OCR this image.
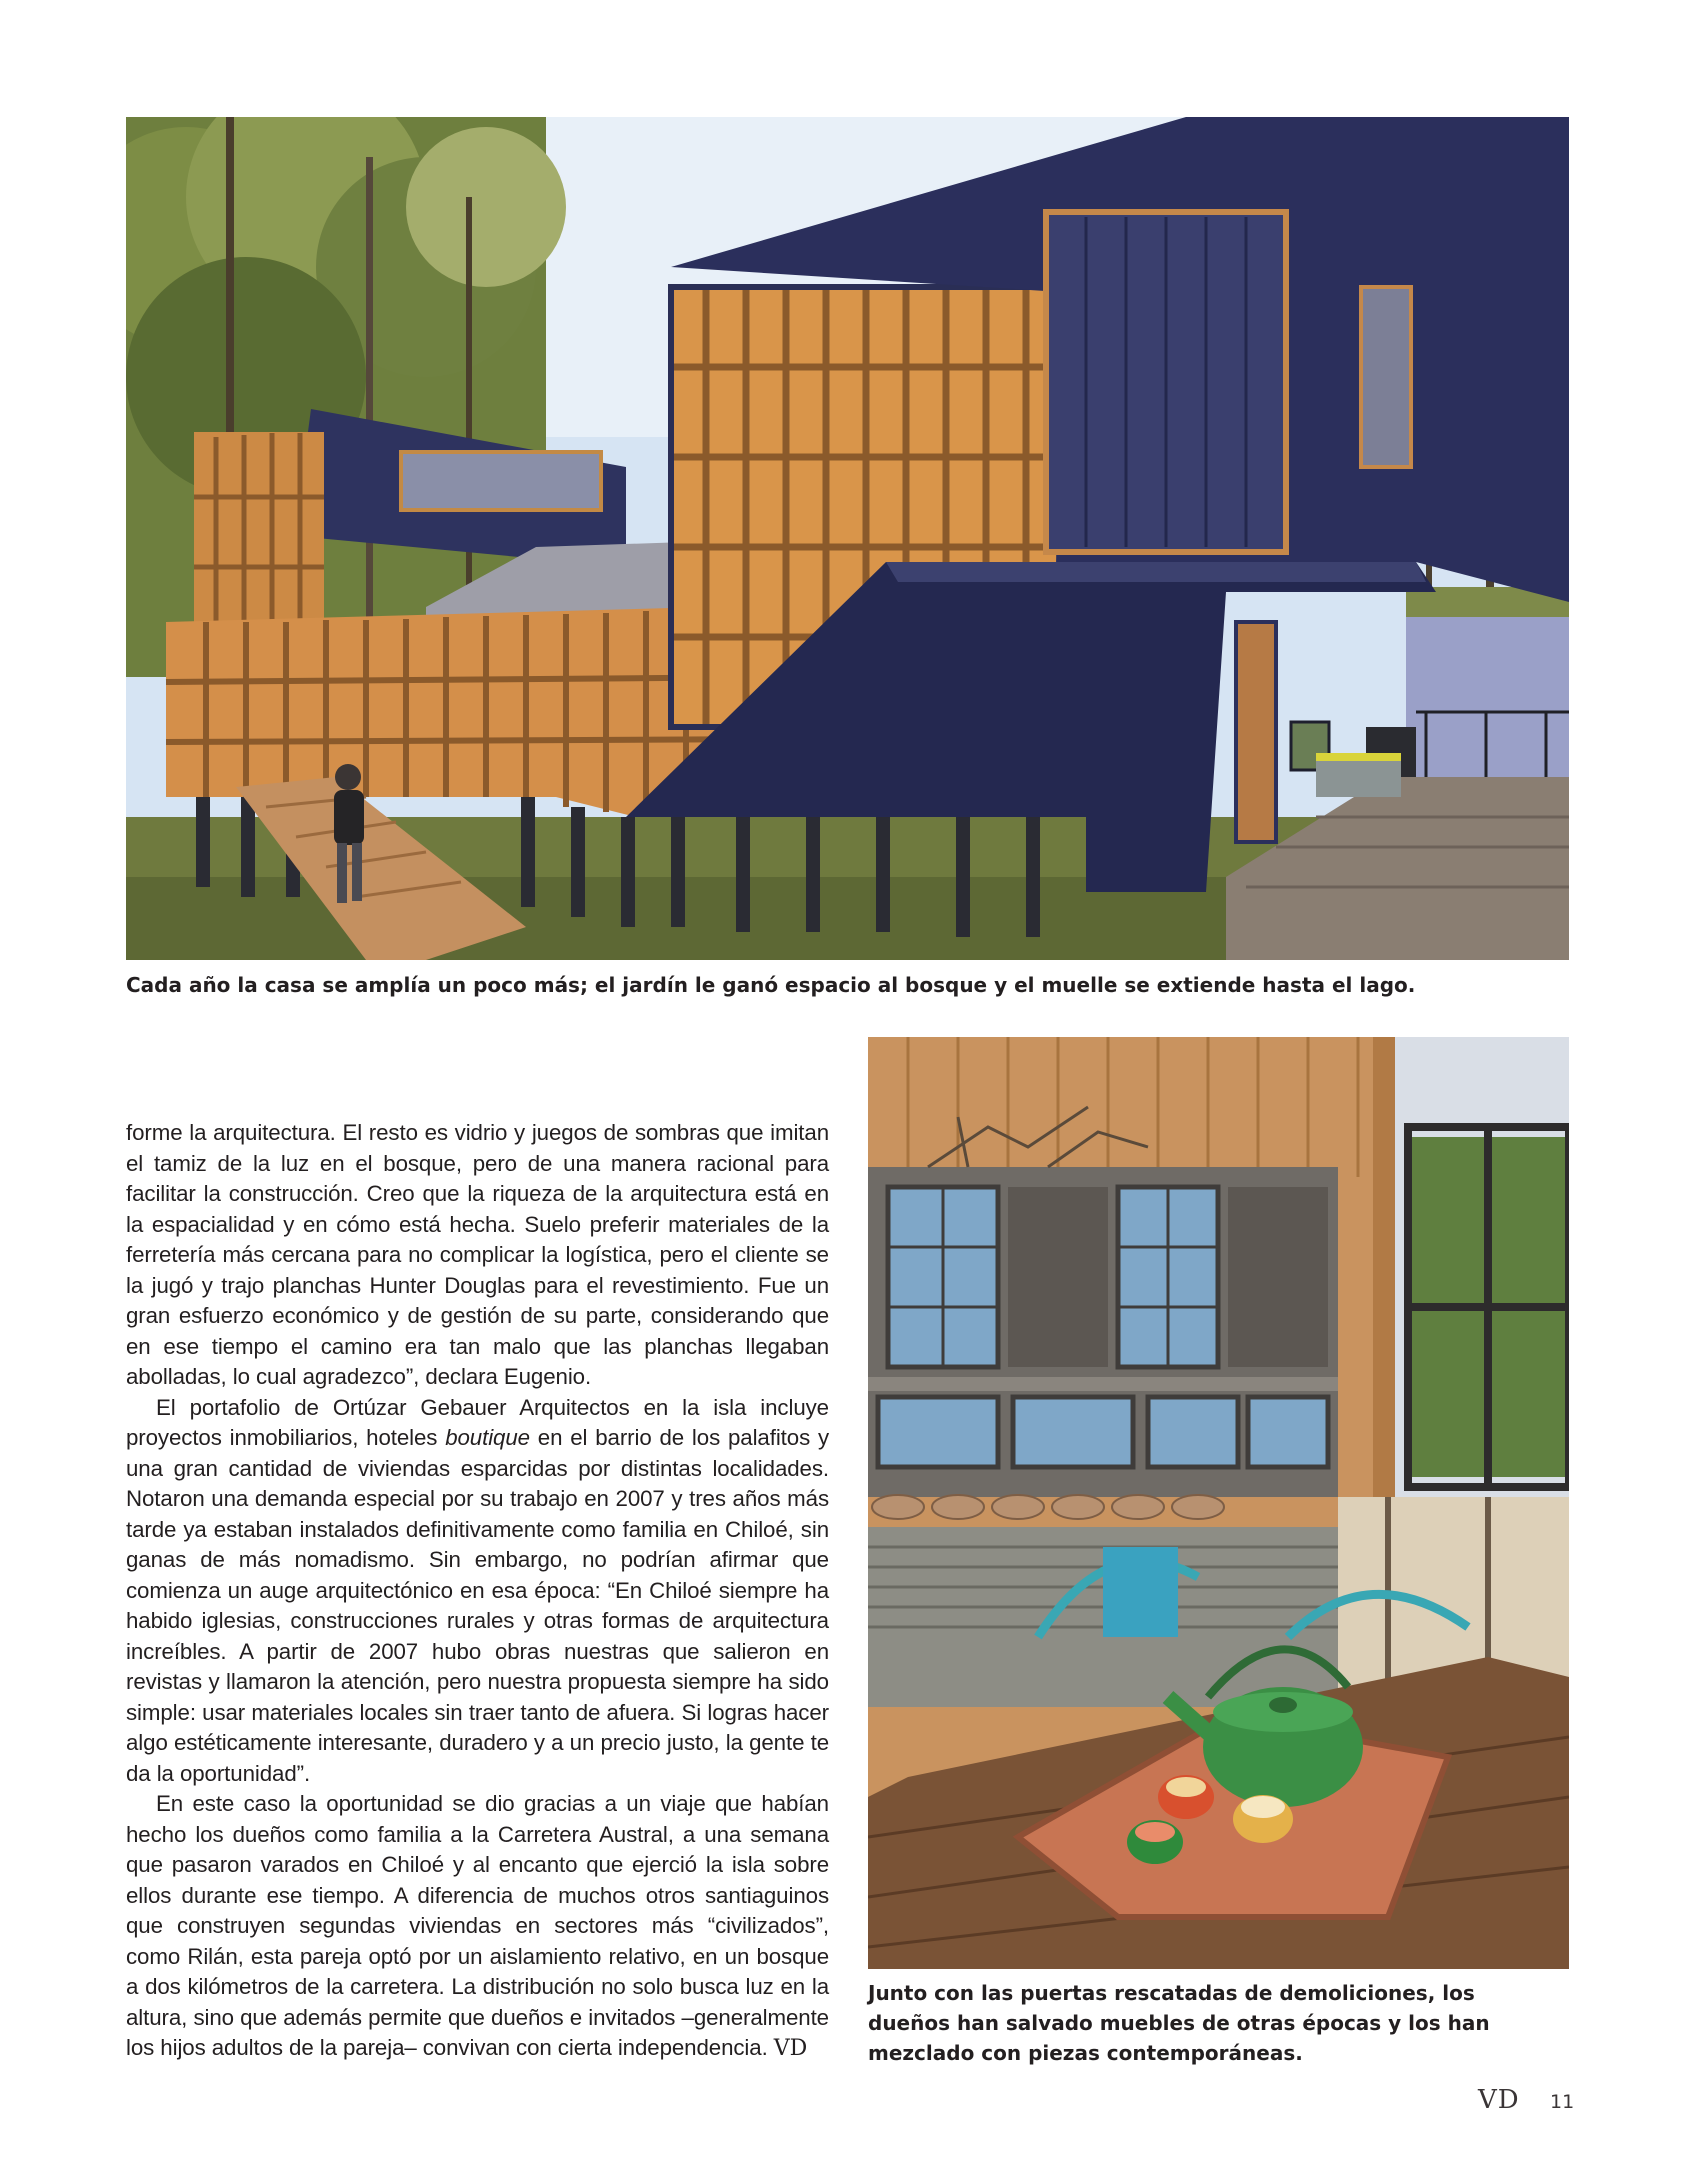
Cada año la casa se amplía un poco más; el jardín le ganó espacio al bosque y el muelle se extiende hasta el lago.

forme la arquitectura. El resto es vidrio y juegos de sombras que imitan el tamiz de la luz en el bosque, pero de una manera racional para facilitar la construcción. Creo que la riqueza de la arquitectura está en la espacialidad y en cómo está hecha. Suelo preferir materiales de la ferretería más cercana para no complicar la logística, pero el cliente se la jugó y trajo planchas Hunter Douglas para el revestimiento. Fue un gran esfuerzo económico y de gestión de su parte, considerando que en ese tiempo el camino era tan malo que las planchas llegaban abolladas, lo cual agradezco”, declara Eugenio.

El portafolio de Ortúzar Gebauer Arquitectos en la isla incluye proyectos inmobiliarios, hoteles boutique en el barrio de los palafitos y una gran cantidad de viviendas esparcidas por distintas localidades. Notaron una demanda especial por su trabajo en 2007 y tres años más tarde ya estaban instalados definitivamente como familia en Chiloé, sin ganas de más nomadismo. Sin embargo, no podrían afirmar que comienza un auge arquitectónico en esa época: “En Chiloé siempre ha habido iglesias, construcciones rurales y otras formas de arquitectura increíbles. A partir de 2007 hubo obras nuestras que salieron en revistas y llamaron la atención, pero nuestra propuesta siempre ha sido simple: usar materiales locales sin traer tanto de afuera. Si logras hacer algo estéticamente interesante, duradero y a un precio justo, la gente te da la oportunidad”.

En este caso la oportunidad se dio gracias a un viaje que habían hecho los dueños como familia a la Carretera Austral, a una semana que pasaron varados en Chiloé y al encanto que ejerció la isla sobre ellos durante ese tiempo. A diferencia de muchos otros santiaguinos que construyen segundas viviendas en sectores más “civilizados”, como Rilán, esta pareja optó por un aislamiento relativo, en un bosque a dos kilómetros de la carretera. La distribución no solo busca luz en la altura, sino que además permite que dueños e invitados –generalmente los hijos adultos de la pareja– convivan con cierta independencia. VD

Junto con las puertas rescatadas de demoliciones, los dueños han salvado muebles de otras épocas y los han mezclado con piezas contemporáneas.

VD 11
